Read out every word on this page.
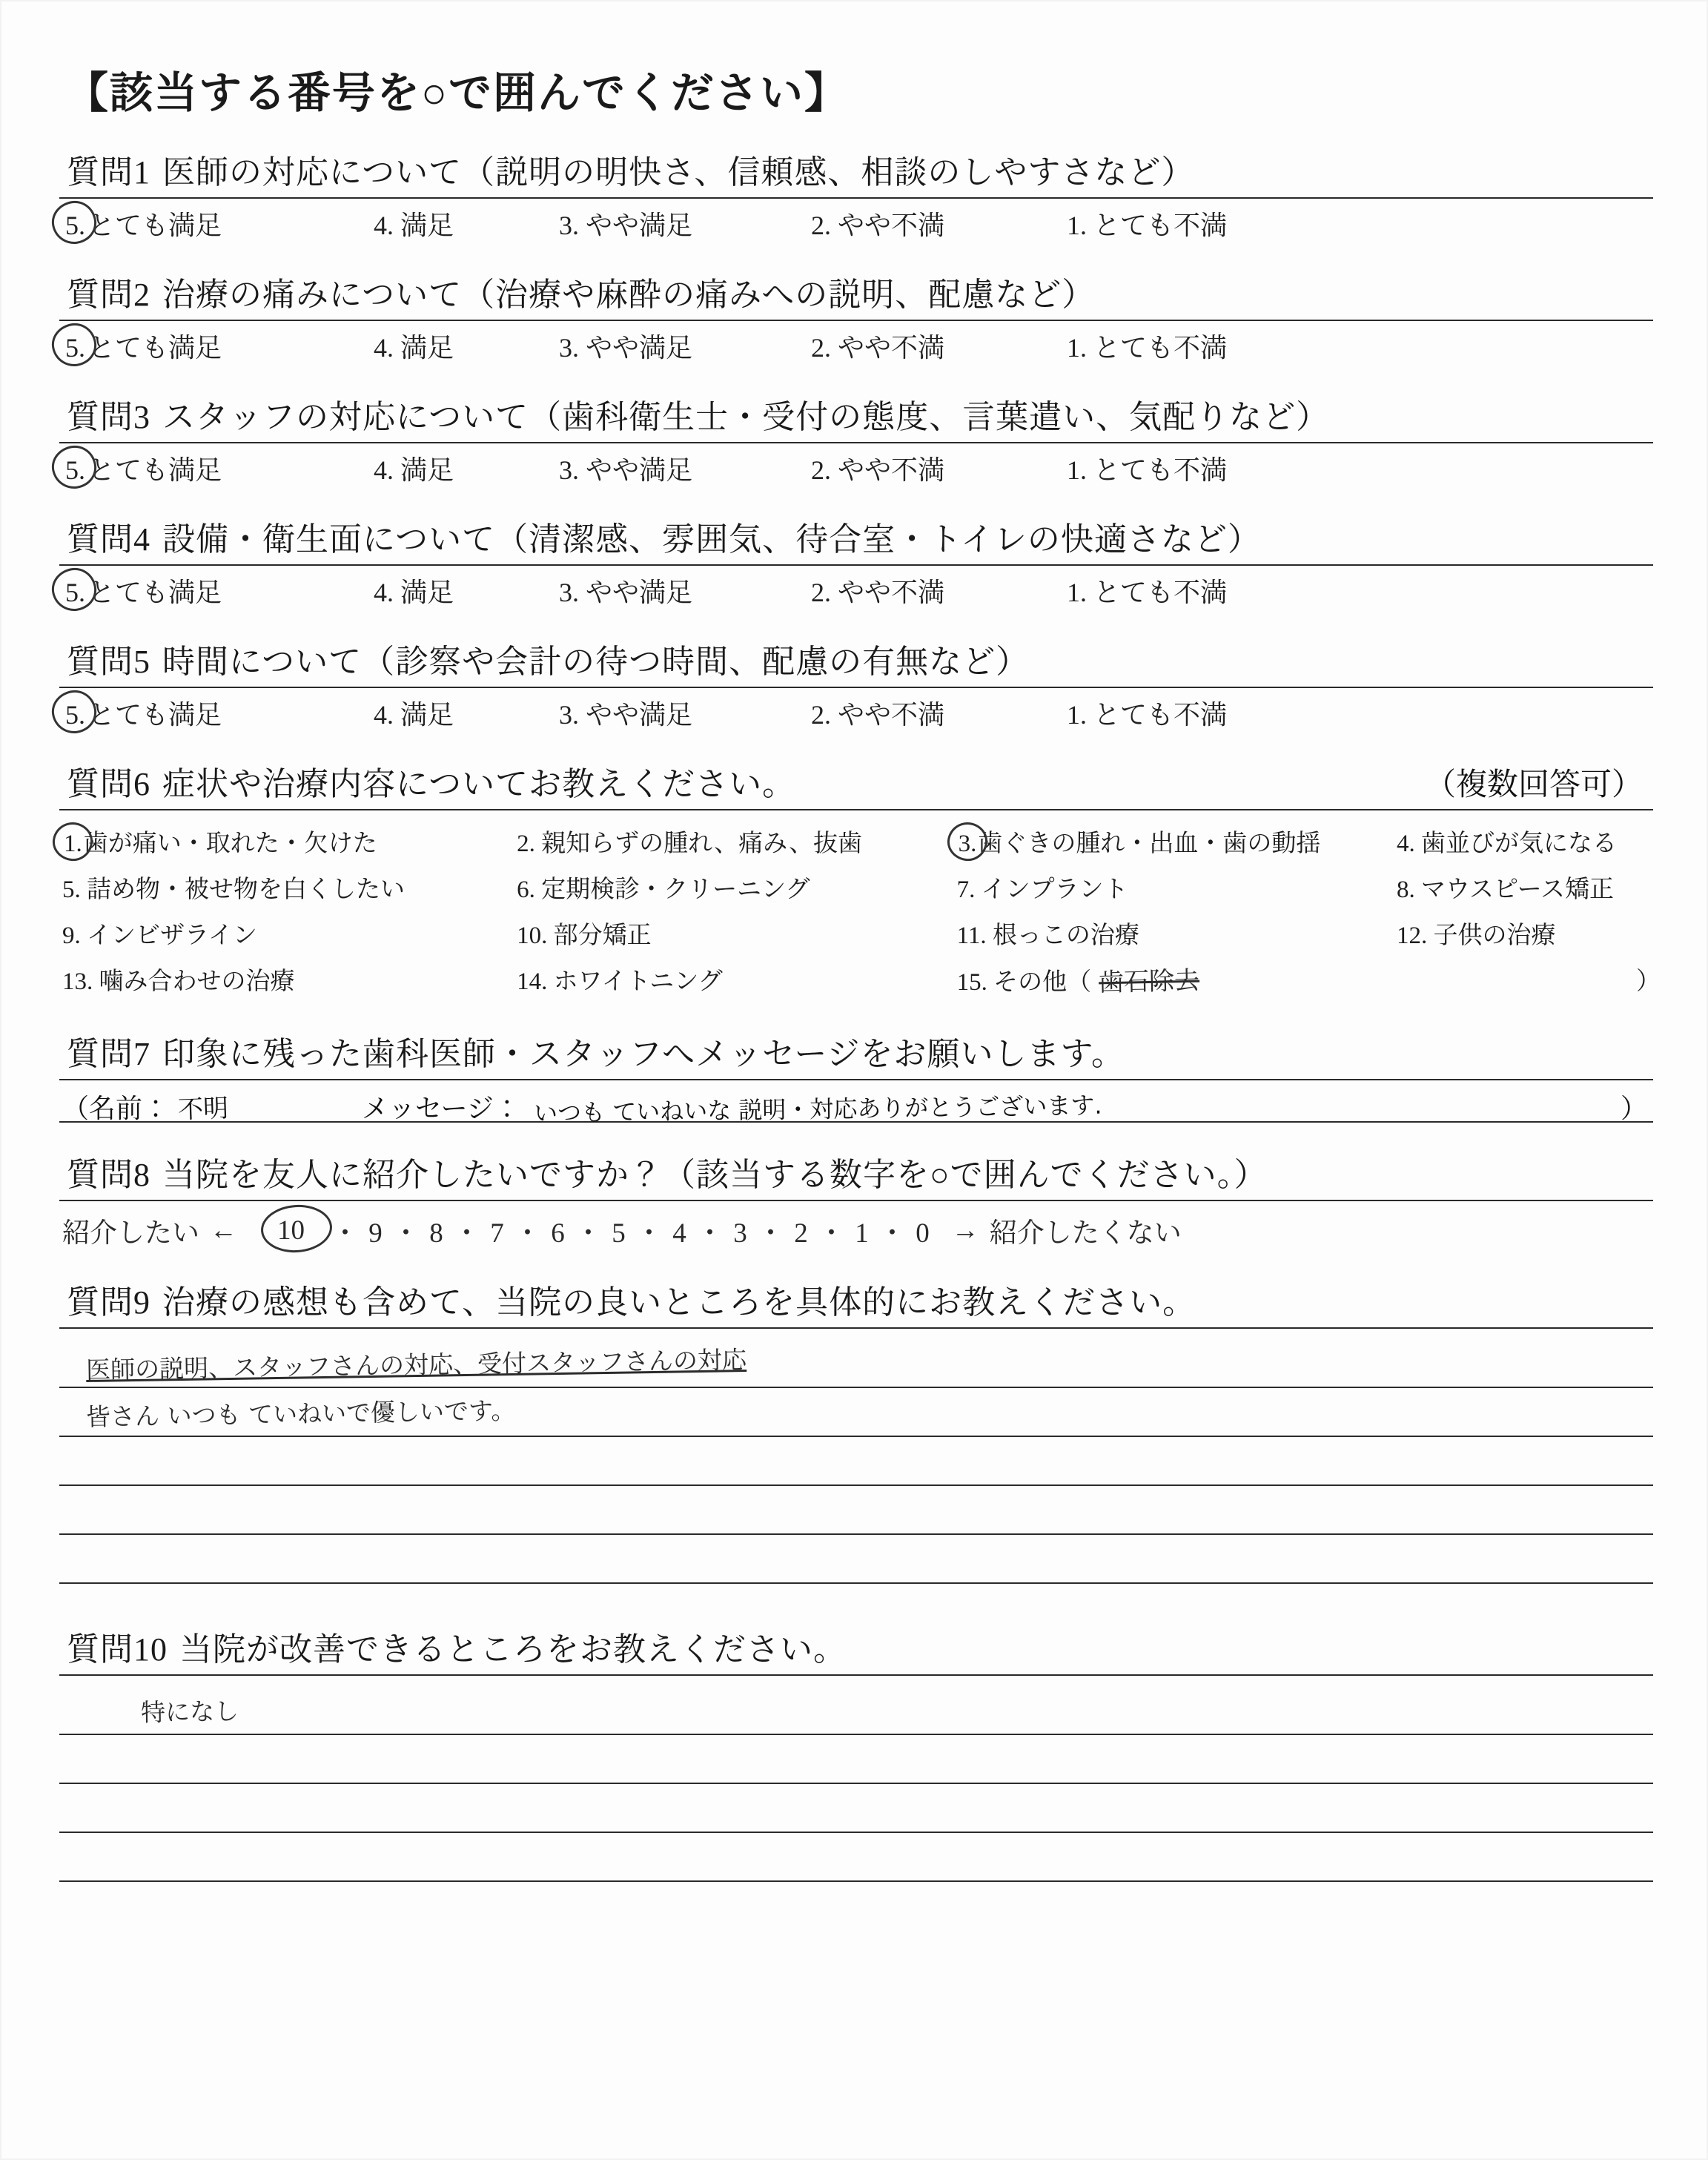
【該当する番号を○で囲んでください】
質問1 医師の対応について（説明の明快さ、信頼感、相談のしやすさなど）
5. とても満足	4. 満足	3. やや満足	2. やや不満	1. とても不満
質問2 治療の痛みについて（治療や麻酔の痛みへの説明、配慮など）
5. とても満足	4. 満足	3. やや満足	2. やや不満	1. とても不満
質問3 スタッフの対応について（歯科衛生士・受付の態度、言葉遣い、気配りなど）
5. とても満足	4. 満足	3. やや満足	2. やや不満	1. とても不満
質問4 設備・衛生面について（清潔感、雰囲気、待合室・トイレの快適さなど）
5. とても満足	4. 満足	3. やや満足	2. やや不満	1. とても不満
質問5 時間について（診察や会計の待つ時間、配慮の有無など）
5. とても満足	4. 満足	3. やや満足	2. やや不満	1. とても不満
質問6 症状や治療内容についてお教えください。	（複数回答可）
1.歯が痛い・取れた・欠けた	2. 親知らずの腫れ、痛み、抜歯	3.歯ぐきの腫れ・出血・歯の動揺	4. 歯並びが気になる
5. 詰め物・被せ物を白くしたい	6. 定期検診・クリーニング	7. インプラント	8. マウスピース矯正
9. インビザライン	10. 部分矯正	11. 根っこの治療	12. 子供の治療
13. 噛み合わせの治療	14. ホワイトニング	15. その他（ 歯石除去	）
質問7 印象に残った歯科医師・スタッフへメッセージをお願いします。
（名前： 不明	メッセージ： いつも ていねいな 説明・対応ありがとうございます.	）
質問8 当院を友人に紹介したいですか？（該当する数字を○で囲んでください。）
紹介したい ← 10 ・ 9 ・ 8 ・ 7 ・ 6 ・ 5 ・ 4 ・ 3 ・ 2 ・ 1 ・ 0 → 紹介したくない
質問9 治療の感想も含めて、当院の良いところを具体的にお教えください。
医師の説明、スタッフさんの対応、受付スタッフさんの対応
皆さん いつも ていねいで優しいです。
質問10 当院が改善できるところをお教えください。
特になし
